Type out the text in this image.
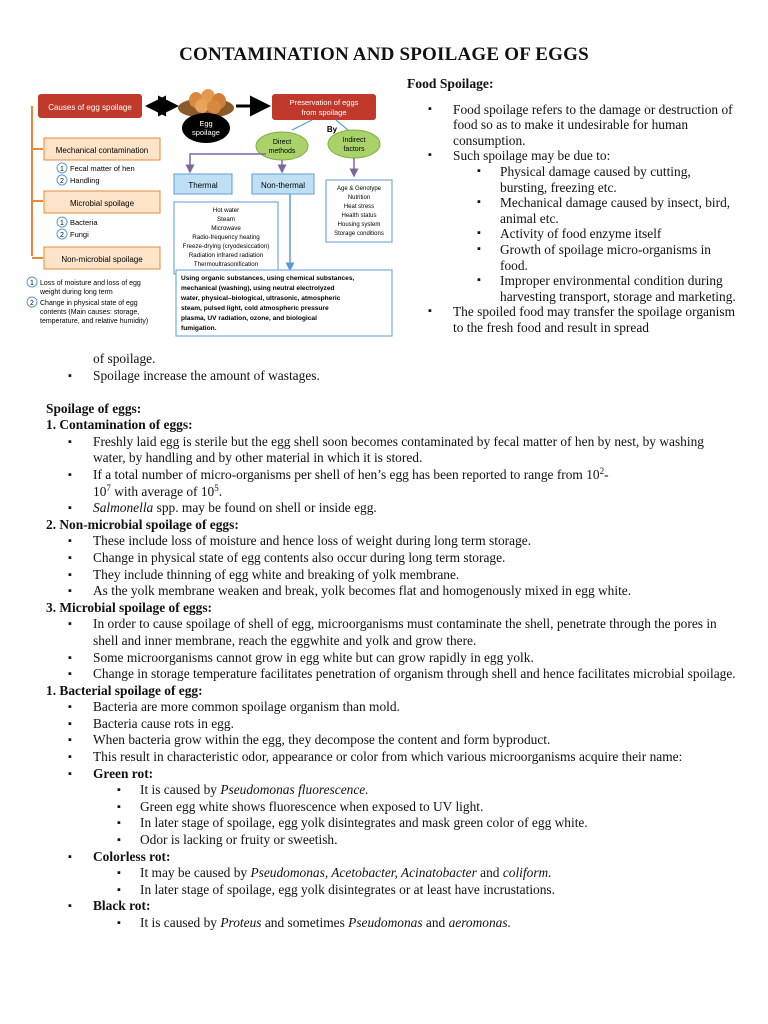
CONTAMINATION AND SPOILAGE OF EGGS
Causes of egg spoilage
Egg
spoilage
Preservation of eggs
from spoilage
By
Direct
methods
Indirect
factors
Mechanical contamination
1
2
Fecal matter of hen
Handling
Microbial spoilage
1
2
Bacteria
Fungi
Non-microbial spoilage
1 Loss of moisture and loss of egg
weight during long term
2 Change in physical state of egg
contents (Main causes: storage,
temperature, and relative humidity)
Thermal	Non-thermal
Hot water
Steam
Microwave
Radio-frequency heating
Freeze-drying (cryodesiccation)
Radiation infrared radiation
Thermoultrasonification
Age & Genotype
Nutrition
Heat stress
Health status
Housing system
Storage conditions
Using organic substances, using chemical substances,
mechanical (washing), using neutral electrolyzed
water, physical–biological, ultrasonic, atmospheric
steam, pulsed light, cold atmospheric pressure
plasma, UV radiation, ozone, and biological
fumigation.
Food Spoilage:
▪ Food spoilage refers to the damage or destruction of food so as to make it undesirable for human consumption.
▪ Such spoilage may be due to:
▪ Physical damage caused by cutting, bursting, freezing etc.
▪ Mechanical damage caused by insect, bird, animal etc.
▪ Activity of food enzyme itself
▪ Growth of spoilage micro-organisms in food.
▪ Improper environmental condition during harvesting transport, storage and marketing.
▪ The spoiled food may transfer the spoilage organism to the fresh food and result in spread
of spoilage.
▪ Spoilage increase the amount of wastages.
Spoilage of eggs:
1. Contamination of eggs:
▪ Freshly laid egg is sterile but the egg shell soon becomes contaminated by fecal matter of hen by nest, by washing water, by handling and by other material in which it is stored.
▪ If a total number of micro-organisms per shell of hen’s egg has been reported to range from $10^2-$
$10^7$ with average of $10^5$.
▪ Salmonella spp. may be found on shell or inside egg.
2. Non-microbial spoilage of eggs:
▪ These include loss of moisture and hence loss of weight during long term storage.
▪ Change in physical state of egg contents also occur during long term storage.
▪ They include thinning of egg white and breaking of yolk membrane.
▪ As the yolk membrane weaken and break, yolk becomes flat and homogenously mixed in egg white.
3. Microbial spoilage of eggs:
▪ In order to cause spoilage of shell of egg, microorganisms must contaminate the shell, penetrate through the pores in shell and inner membrane, reach the eggwhite and yolk and grow there.
▪ Some microorganisms cannot grow in egg white but can grow rapidly in egg yolk.
▪ Change in storage temperature facilitates penetration of organism through shell and hence facilitates microbial spoilage.
1. Bacterial spoilage of egg:
▪ Bacteria are more common spoilage organism than mold.
▪ Bacteria cause rots in egg.
▪ When bacteria grow within the egg, they decompose the content and form byproduct.
▪ This result in characteristic odor, appearance or color from which various microorganisms acquire their name:
▪ Green rot:
▪ It is caused by Pseudomonas fluorescence.
▪ Green egg white shows fluorescence when exposed to UV light.
▪ In later stage of spoilage, egg yolk disintegrates and mask green color of egg white.
▪ Odor is lacking or fruity or sweetish.
▪ Colorless rot:
▪ It may be caused by Pseudomonas, Acetobacter, Acinatobacter and coliform.
▪ In later stage of spoilage, egg yolk disintegrates or at least have incrustations.
▪ Black rot:
▪ It is caused by Proteus and sometimes Pseudomonas and aeromonas.
